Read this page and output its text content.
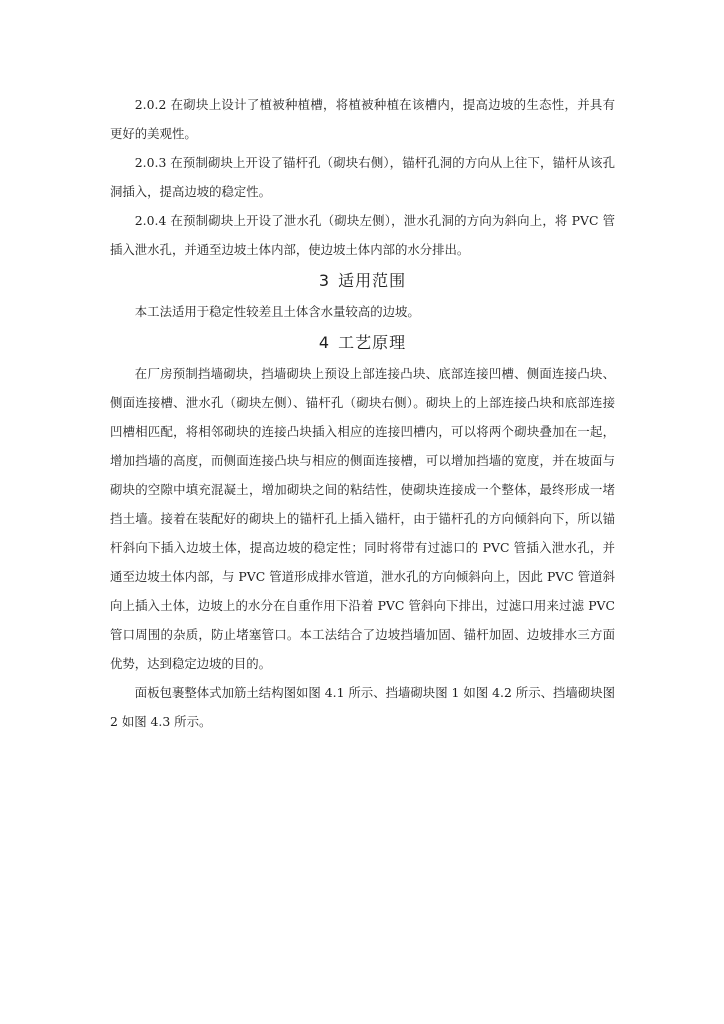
2.0.2 在砌块上设计了植被种植槽，将植被种植在该槽内，提高边坡的生态性，并具有更好的美观性。

2.0.3 在预制砌块上开设了锚杆孔（砌块右侧），锚杆孔洞的方向从上往下，锚杆从该孔洞插入，提高边坡的稳定性。

2.0.4 在预制砌块上开设了泄水孔（砌块左侧），泄水孔洞的方向为斜向上，将 PVC 管插入泄水孔，并通至边坡土体内部，使边坡土体内部的水分排出。

3 适用范围

本工法适用于稳定性较差且土体含水量较高的边坡。

4 工艺原理

在厂房预制挡墙砌块，挡墙砌块上预设上部连接凸块、底部连接凹槽、侧面连接凸块、侧面连接槽、泄水孔（砌块左侧）、锚杆孔（砌块右侧）。砌块上的上部连接凸块和底部连接凹槽相匹配，将相邻砌块的连接凸块插入相应的连接凹槽内，可以将两个砌块叠加在一起，增加挡墙的高度，而侧面连接凸块与相应的侧面连接槽，可以增加挡墙的宽度，并在坡面与砌块的空隙中填充混凝土，增加砌块之间的粘结性，使砌块连接成一个整体，最终形成一堵挡土墙。接着在装配好的砌块上的锚杆孔上插入锚杆，由于锚杆孔的方向倾斜向下，所以锚杆斜向下插入边坡土体，提高边坡的稳定性；同时将带有过滤口的 PVC 管插入泄水孔，并通至边坡土体内部，与 PVC 管道形成排水管道，泄水孔的方向倾斜向上，因此 PVC 管道斜向上插入土体，边坡上的水分在自重作用下沿着 PVC 管斜向下排出，过滤口用来过滤 PVC 管口周围的杂质，防止堵塞管口。本工法结合了边坡挡墙加固、锚杆加固、边坡排水三方面优势，达到稳定边坡的目的。

面板包裹整体式加筋土结构图如图 4.1 所示、挡墙砌块图 1 如图 4.2 所示、挡墙砌块图 2 如图 4.3 所示。
